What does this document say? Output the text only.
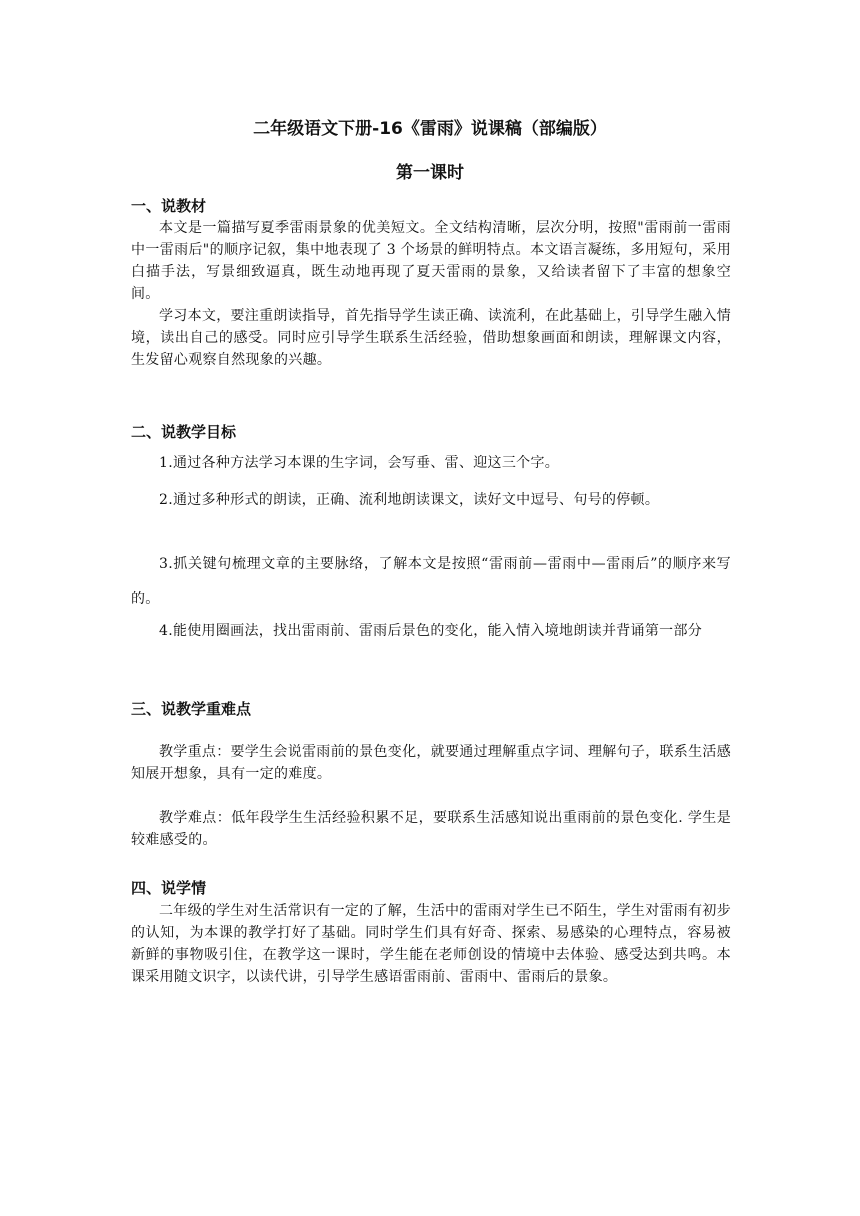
二年级语文下册-16《雷雨》说课稿（部编版）
第一课时
一、说教材
本文是一篇描写夏季雷雨景象的优美短文。全文结构清晰，层次分明，按照"雷雨前一雷雨中一雷雨后"的顺序记叙，集中地表现了 3 个场景的鲜明特点。本文语言凝练，多用短句，采用白描手法，写景细致逼真，既生动地再现了夏天雷雨的景象，又给读者留下了丰富的想象空间。
学习本文，要注重朗读指导，首先指导学生读正确、读流利，在此基础上，引导学生融入情境，读出自己的感受。同时应引导学生联系生活经验，借助想象画面和朗读，理解课文内容，生发留心观察自然现象的兴趣。
二、说教学目标
1.通过各种方法学习本课的生字词，会写垂、雷、迎这三个字。
2.通过多种形式的朗读，正确、流利地朗读课文，读好文中逗号、句号的停顿。
3.抓关键句梳理文章的主要脉络，了解本文是按照“雷雨前—雷雨中—雷雨后”的顺序来写的。
4.能使用圈画法，找出雷雨前、雷雨后景色的变化，能入情入境地朗读并背诵第一部分
三、说教学重难点
教学重点：要学生会说雷雨前的景色变化，就要通过理解重点字词、理解句子，联系生活感知展开想象，具有一定的难度。
教学难点：低年段学生生活经验积累不足，要联系生活感知说出重雨前的景色变化. 学生是较难感受的。
四、说学情
二年级的学生对生活常识有一定的了解，生活中的雷雨对学生已不陌生，学生对雷雨有初步的认知，为本课的教学打好了基础。同时学生们具有好奇、探索、易感染的心理特点，容易被新鲜的事物吸引住，在教学这一课时，学生能在老师创设的情境中去体验、感受达到共鸣。本课采用随文识字，以读代讲，引导学生感语雷雨前、雷雨中、雷雨后的景象。
